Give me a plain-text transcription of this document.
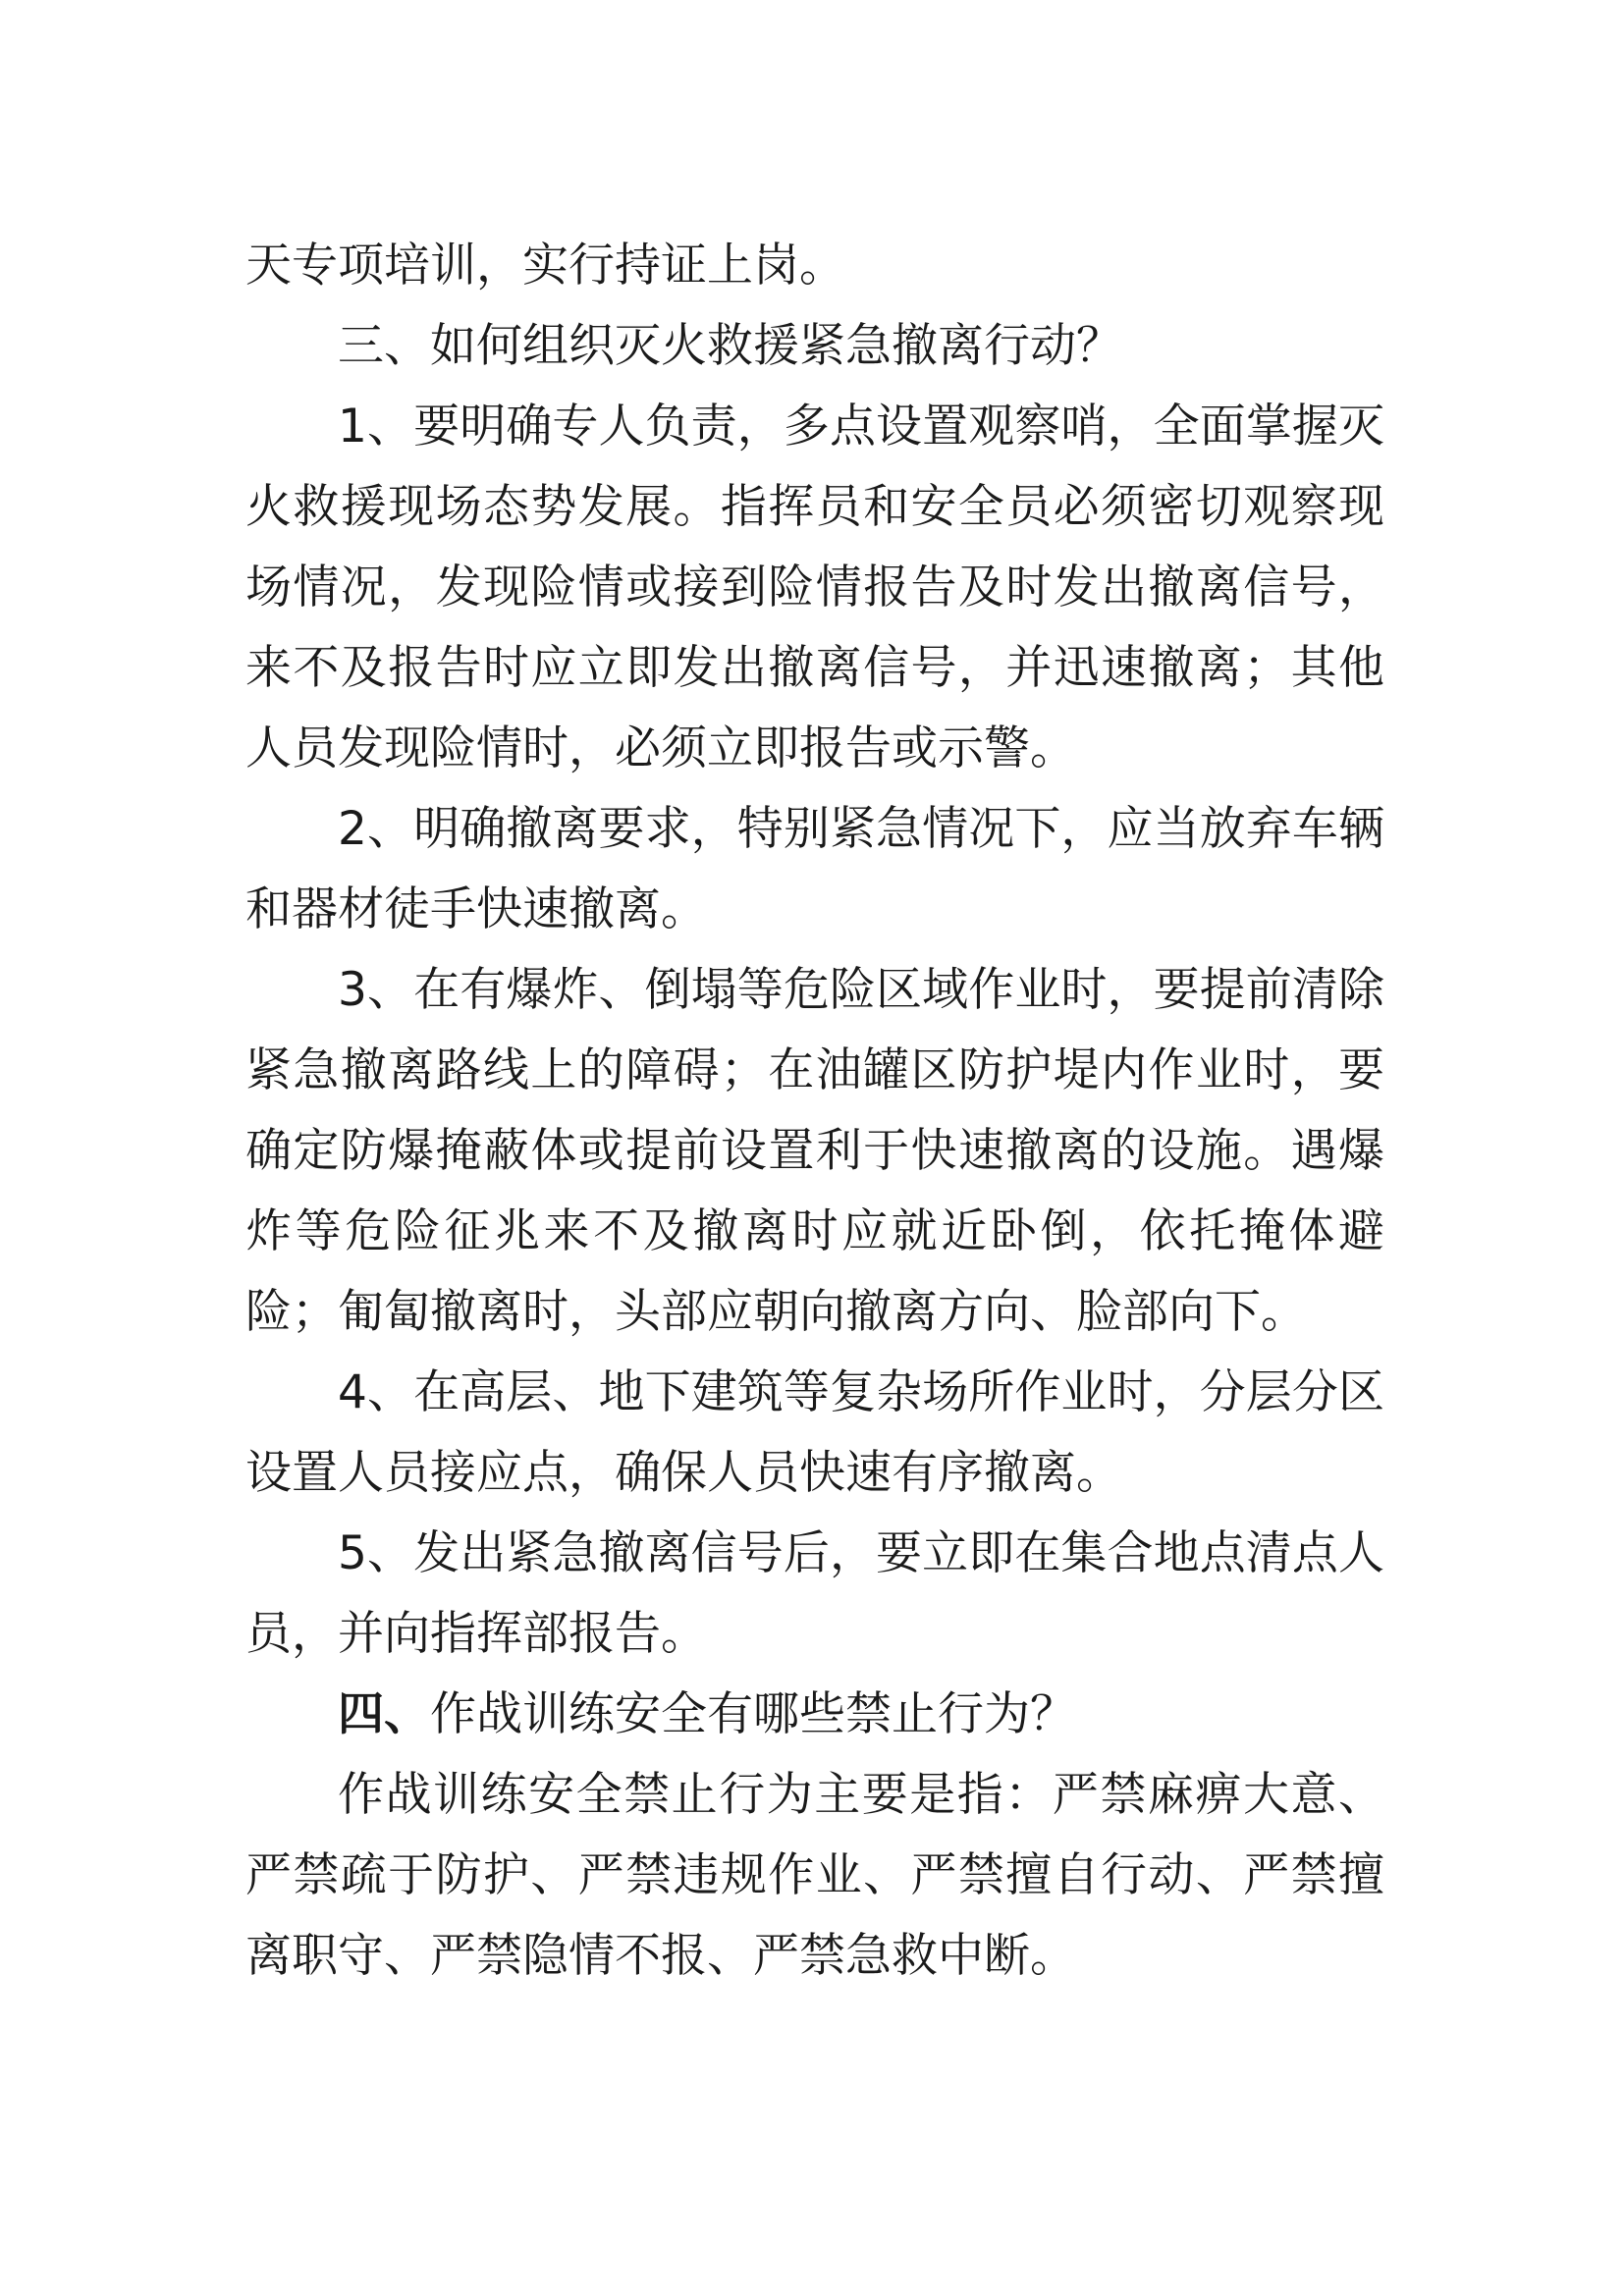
天专项培训，实行持证上岗。

三、如何组织灭火救援紧急撤离行动？

1、要明确专人负责，多点设置观察哨，全面掌握灭火救援现场态势发展。指挥员和安全员必须密切观察现场情况，发现险情或接到险情报告及时发出撤离信号，来不及报告时应立即发出撤离信号，并迅速撤离；其他人员发现险情时，必须立即报告或示警。

2、明确撤离要求，特别紧急情况下，应当放弃车辆和器材徒手快速撤离。

3、在有爆炸、倒塌等危险区域作业时，要提前清除紧急撤离路线上的障碍；在油罐区防护堤内作业时，要确定防爆掩蔽体或提前设置利于快速撤离的设施。遇爆炸等危险征兆来不及撤离时应就近卧倒，依托掩体避险；匍匐撤离时，头部应朝向撤离方向、脸部向下。

4、在高层、地下建筑等复杂场所作业时，分层分区设置人员接应点，确保人员快速有序撤离。

5、发出紧急撤离信号后，要立即在集合地点清点人员，并向指挥部报告。

四、作战训练安全有哪些禁止行为？

作战训练安全禁止行为主要是指：严禁麻痹大意、严禁疏于防护、严禁违规作业、严禁擅自行动、严禁擅离职守、严禁隐情不报、严禁急救中断。
